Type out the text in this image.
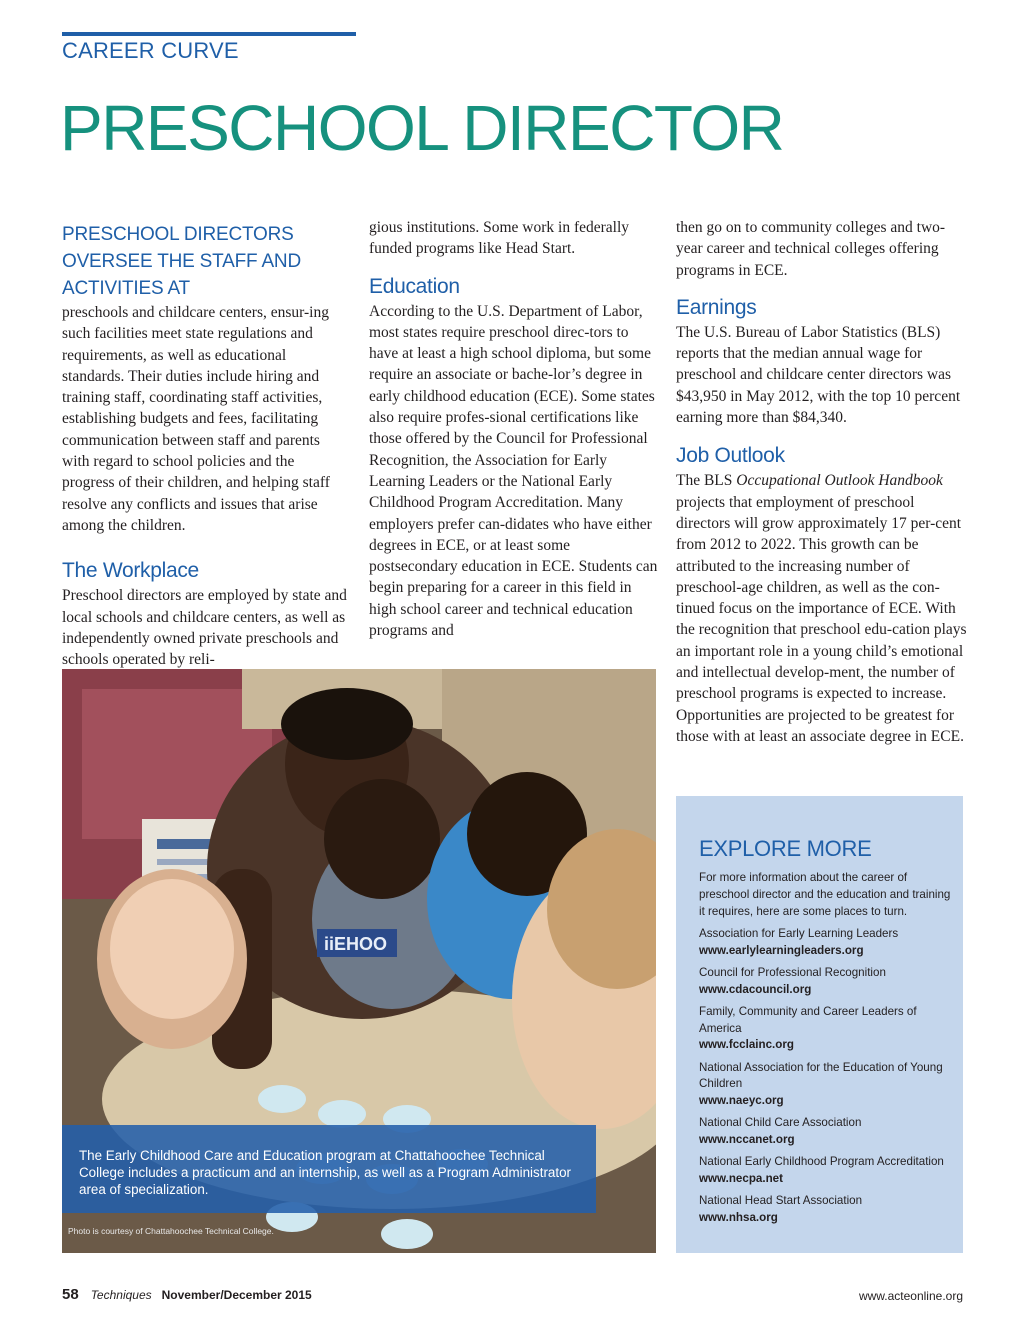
CAREER CURVE
PRESCHOOL DIRECTOR

PRESCHOOL DIRECTORS OVERSEE THE STAFF AND ACTIVITIES AT

preschools and childcare centers, ensur-ing such facilities meet state regulations and requirements, as well as educational standards. Their duties include hiring and training staff, coordinating staff activities, establishing budgets and fees, facilitating communication between staff and parents with regard to school policies and the progress of their children, and helping staff resolve any conflicts and issues that arise among the children.

The Workplace

Preschool directors are employed by state and local schools and childcare centers, as well as independently owned private preschools and schools operated by reli-

gious institutions. Some work in federally funded programs like Head Start.

Education

According to the U.S. Department of Labor, most states require preschool direc-tors to have at least a high school diploma, but some require an associate or bache-lor’s degree in early childhood education (ECE). Some states also require profes-sional certifications like those offered by the Council for Professional Recognition, the Association for Early Learning Leaders or the National Early Childhood Program Accreditation. Many employers prefer can-didates who have either degrees in ECE, or at least some postsecondary education in ECE. Students can begin preparing for a career in this field in high school career and technical education programs and

then go on to community colleges and two-year career and technical colleges offering programs in ECE.

Earnings

The U.S. Bureau of Labor Statistics (BLS) reports that the median annual wage for preschool and childcare center directors was $43,950 in May 2012, with the top 10 percent earning more than $84,340.

Job Outlook

The BLS Occupational Outlook Handbook projects that employment of preschool directors will grow approximately 17 per-cent from 2012 to 2022. This growth can be attributed to the increasing number of preschool-age children, as well as the con-tinued focus on the importance of ECE. With the recognition that preschool edu-cation plays an important role in a young child’s emotional and intellectual develop-ment, the number of preschool programs is expected to increase. Opportunities are projected to be greatest for those with at least an associate degree in ECE.

iiEHOO
The Early Childhood Care and Education program at Chattahoochee Technical College includes a practicum and an internship, as well as a Program Administrator area of specialization.
Photo is courtesy of Chattahoochee Technical College.
EXPLORE MORE

For more information about the career of preschool director and the education and training it requires, here are some places to turn.

Association for Early Learning Leaders
www.earlylearningleaders.org
Council for Professional Recognition
www.cdacouncil.org
Family, Community and Career Leaders of America
www.fcclainc.org
National Association for the Education of Young Children
www.naeyc.org
National Child Care Association
www.nccanet.org
National Early Childhood Program Accreditation
www.necpa.net
National Head Start Association
www.nhsa.org
58 Techniques November/December 2015	www.acteonline.org
